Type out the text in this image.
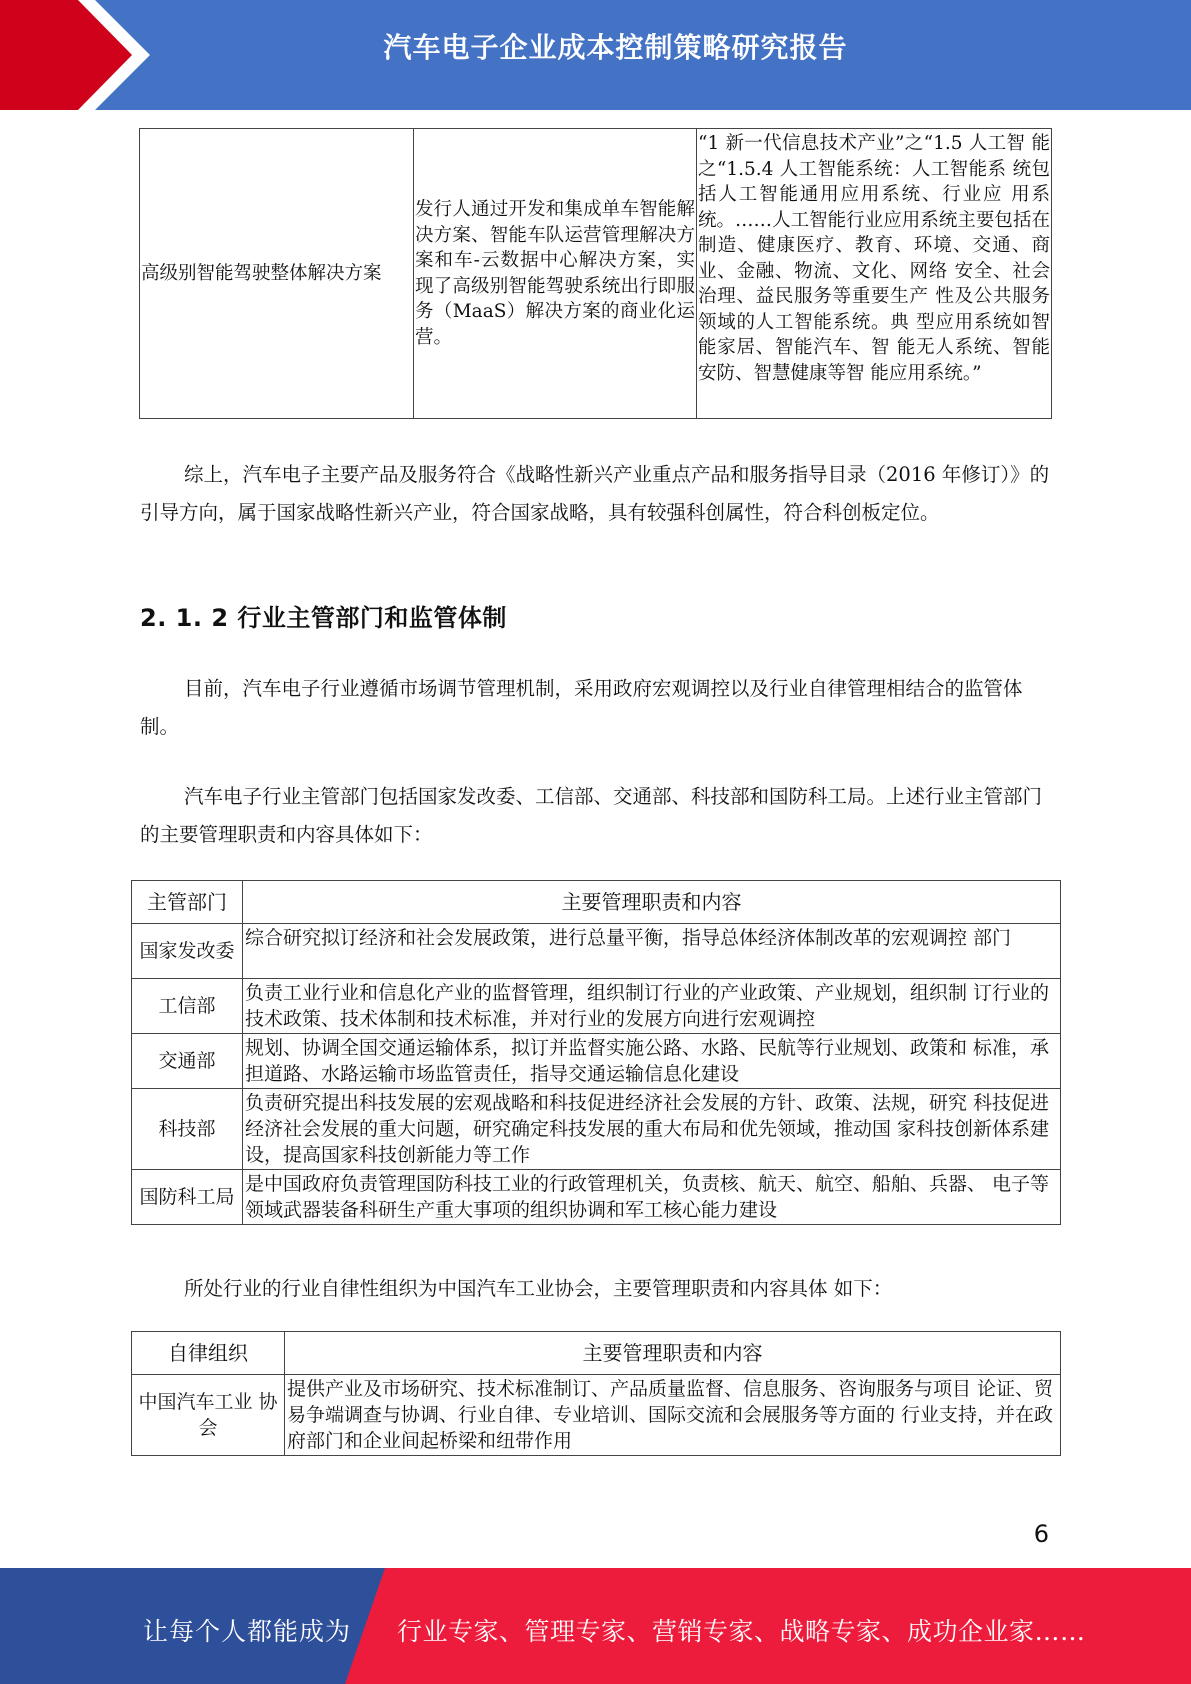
汽车电子企业成本控制策略研究报告
高级别智能驾驶整体解决方案	发行人通过开发和集成单车智能解决方案、智能车队运营管理解决方案和车-云数据中心解决方案，实现了高级别智能驾驶系统出行即服务（MaaS）解决方案的商业化运营。	“1 新一代信息技术产业”之“1.5 人工智 能之“1.5.4 人工智能系统：人工智能系 统包括人工智能通用应用系统、行业应 用系统。……人工智能行业应用系统主要包括在制造、健康医疗、教育、环境、交通、商业、金融、物流、文化、网络 安全、社会治理、益民服务等重要生产 性及公共服务领域的人工智能系统。典 型应用系统如智能家居、智能汽车、智 能无人系统、智能安防、智慧健康等智 能应用系统。”

综上，汽车电子主要产品及服务符合《战略性新兴产业重点产品和服务指导目录（2016 年修订）》的引导方向，属于国家战略性新兴产业，符合国家战略，具有较强科创属性，符合科创板定位。

2. 1. 2 行业主管部门和监管体制

目前，汽车电子行业遵循市场调节管理机制，采用政府宏观调控以及行业自律管理相结合的监管体制。

汽车电子行业主管部门包括国家发改委、工信部、交通部、科技部和国防科工局。上述行业主管部门的主要管理职责和内容具体如下：

主管部门	主要管理职责和内容
国家发改委	综合研究拟订经济和社会发展政策，进行总量平衡，指导总体经济体制改革的宏观调控 部门
工信部	负责工业行业和信息化产业的监督管理，组织制订行业的产业政策、产业规划，组织制 订行业的技术政策、技术体制和技术标准，并对行业的发展方向进行宏观调控
交通部	规划、协调全国交通运输体系，拟订并监督实施公路、水路、民航等行业规划、政策和 标准，承担道路、水路运输市场监管责任，指导交通运输信息化建设
科技部	负责研究提出科技发展的宏观战略和科技促进经济社会发展的方针、政策、法规，研究 科技促进经济社会发展的重大问题，研究确定科技发展的重大布局和优先领域，推动国 家科技创新体系建设，提高国家科技创新能力等工作
国防科工局	是中国政府负责管理国防科技工业的行政管理机关，负责核、航天、航空、船舶、兵器、 电子等领域武器装备科研生产重大事项的组织协调和军工核心能力建设

所处行业的行业自律性组织为中国汽车工业协会，主要管理职责和内容具体 如下：

自律组织	主要管理职责和内容
中国汽车工业 协会	提供产业及市场研究、技术标准制订、产品质量监督、信息服务、咨询服务与项目 论证、贸易争端调查与协调、行业自律、专业培训、国际交流和会展服务等方面的 行业支持，并在政府部门和企业间起桥梁和纽带作用
6
让每个人都能成为 行业专家、管理专家、营销专家、战略专家、成功企业家……
